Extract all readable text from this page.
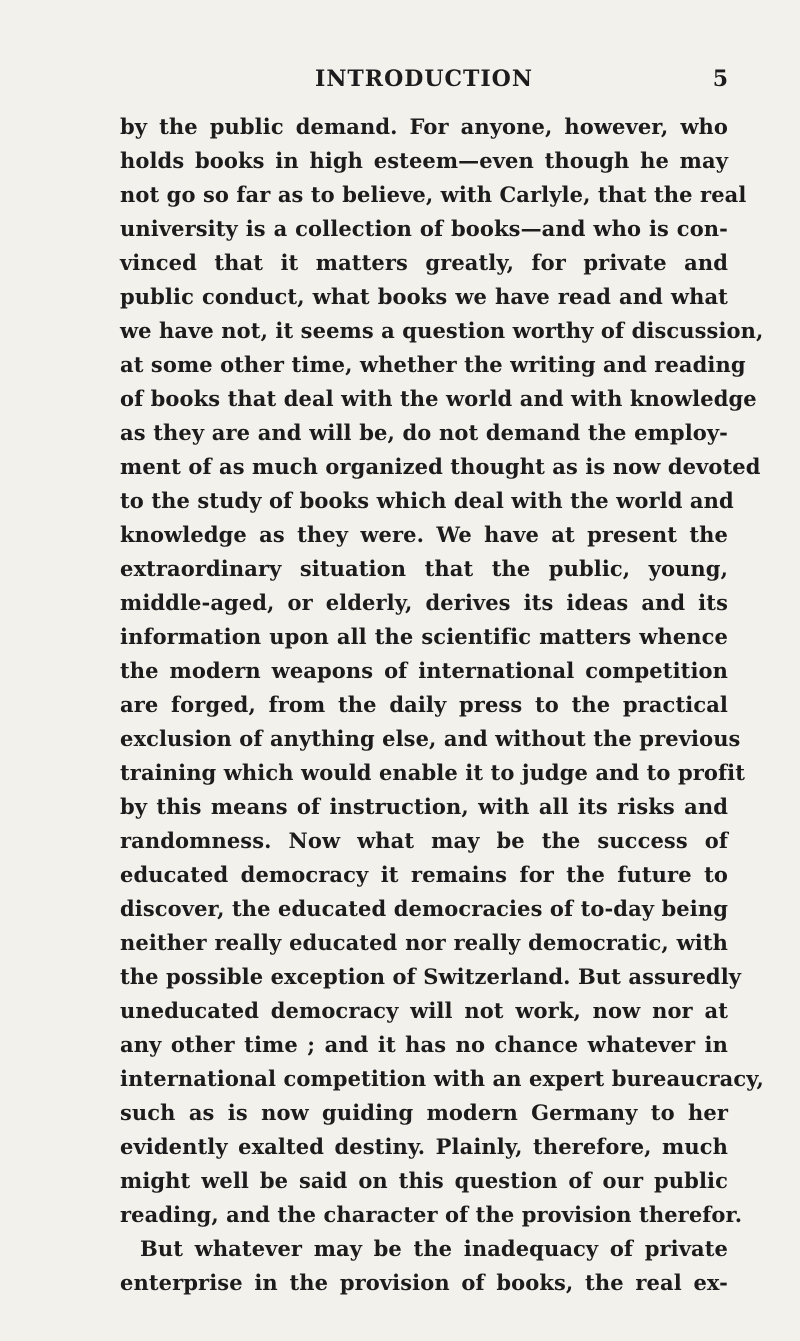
INTRODUCTION	5
by the public demand. For anyone, however, who
holds books in high esteem—even though he may
not go so far as to believe, with Carlyle, that the real
university is a collection of books—and who is con-
vinced that it matters greatly, for private and
public conduct, what books we have read and what
we have not, it seems a question worthy of discussion,
at some other time, whether the writing and reading
of books that deal with the world and with knowledge
as they are and will be, do not demand the employ-
ment of as much organized thought as is now devoted
to the study of books which deal with the world and
knowledge as they were. We have at present the
extraordinary situation that the public, young,
middle-aged, or elderly, derives its ideas and its
information upon all the scientific matters whence
the modern weapons of international competition
are forged, from the daily press to the practical
exclusion of anything else, and without the previous
training which would enable it to judge and to profit
by this means of instruction, with all its risks and
randomness. Now what may be the success of
educated democracy it remains for the future to
discover, the educated democracies of to-day being
neither really educated nor really democratic, with
the possible exception of Switzerland. But assuredly
uneducated democracy will not work, now nor at
any other time ; and it has no chance whatever in
international competition with an expert bureaucracy,
such as is now guiding modern Germany to her
evidently exalted destiny. Plainly, therefore, much
might well be said on this question of our public
reading, and the character of the provision therefor.
But whatever may be the inadequacy of private
enterprise in the provision of books, the real ex-
